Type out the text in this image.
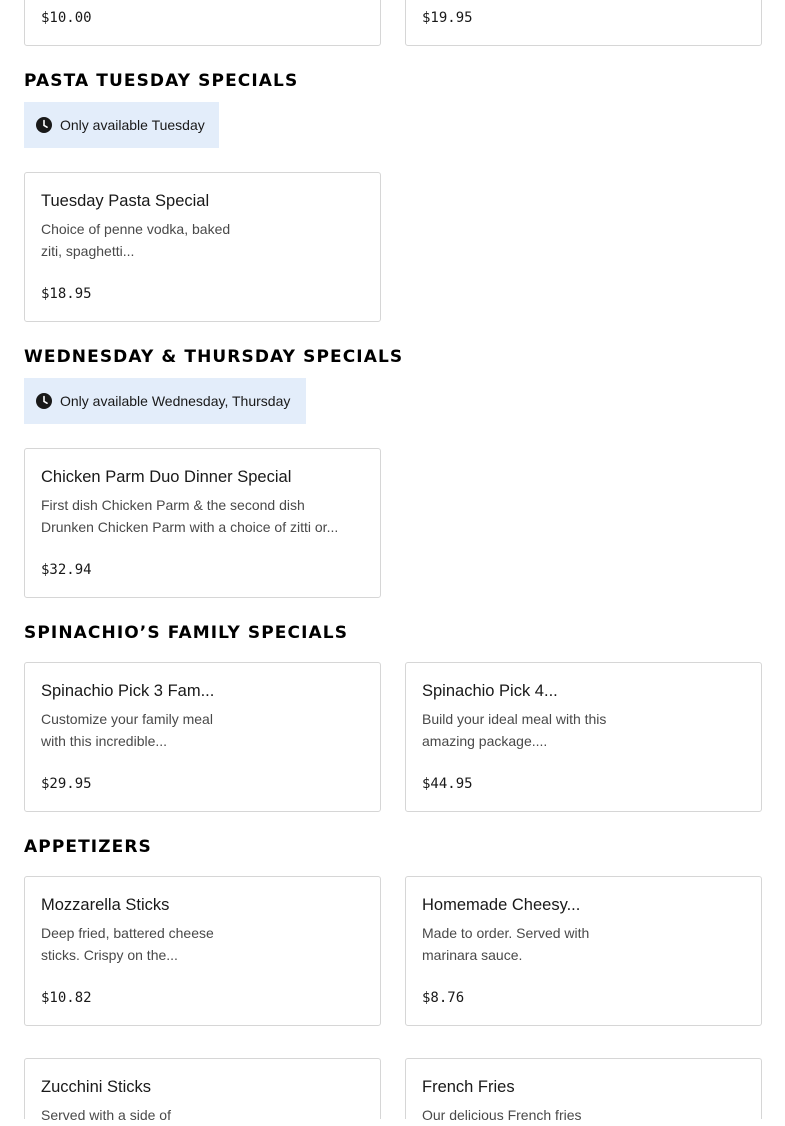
$10.00	$19.95
PASTA TUESDAY SPECIALS
Only available Tuesday
Tuesday Pasta Special
Choice of penne vodka, baked ziti, spaghetti...
$18.95
WEDNESDAY & THURSDAY SPECIALS
Only available Wednesday, Thursday
Chicken Parm Duo Dinner Special
First dish Chicken Parm & the second dish Drunken Chicken Parm with a choice of zitti or...
$32.94
SPINACHIO’S FAMILY SPECIALS
Spinachio Pick 3 Fam...
Customize your family meal with this incredible...
$29.95
Spinachio Pick 4...
Build your ideal meal with this amazing package....
$44.95
APPETIZERS
Mozzarella Sticks
Deep fried, battered cheese sticks. Crispy on the...
$10.82
Homemade Cheesy...
Made to order. Served with marinara sauce.
$8.76
Zucchini Sticks
Served with a side of
French Fries
Our delicious French fries
